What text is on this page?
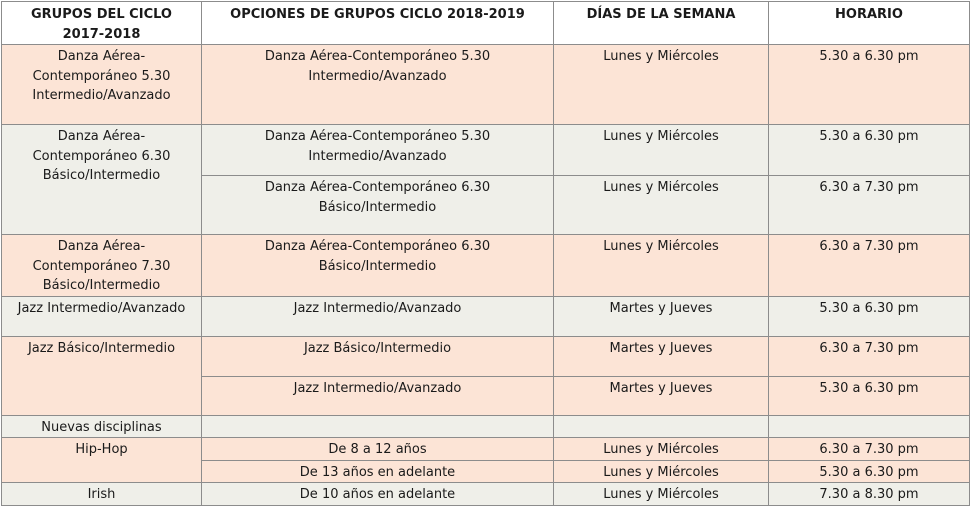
GRUPOS DEL CICLO 2017-2018	OPCIONES DE GRUPOS CICLO 2018-2019	DÍAS DE LA SEMANA	HORARIO
Danza Aérea-Contemporáneo 5.30 Intermedio/Avanzado	Danza Aérea-Contemporáneo 5.30 Intermedio/Avanzado	Lunes y Miércoles	5.30 a 6.30 pm
Danza Aérea-Contemporáneo 6.30 Básico/Intermedio	Danza Aérea-Contemporáneo 5.30 Intermedio/Avanzado	Lunes y Miércoles	5.30 a 6.30 pm
	Danza Aérea-Contemporáneo 6.30 Básico/Intermedio	Lunes y Miércoles	6.30 a 7.30 pm
Danza Aérea-Contemporáneo 7.30 Básico/Intermedio	Danza Aérea-Contemporáneo 6.30 Básico/Intermedio	Lunes y Miércoles	6.30 a 7.30 pm
Jazz Intermedio/Avanzado	Jazz Intermedio/Avanzado	Martes y Jueves	5.30 a 6.30 pm
Jazz Básico/Intermedio	Jazz Básico/Intermedio	Martes y Jueves	6.30 a 7.30 pm
	Jazz Intermedio/Avanzado	Martes y Jueves	5.30 a 6.30 pm
Nuevas disciplinas			
Hip-Hop	De 8 a 12 años	Lunes y Miércoles	6.30 a 7.30 pm
	De 13 años en adelante	Lunes y Miércoles	5.30 a 6.30 pm
Irish	De 10 años en adelante	Lunes y Miércoles	7.30 a 8.30 pm
